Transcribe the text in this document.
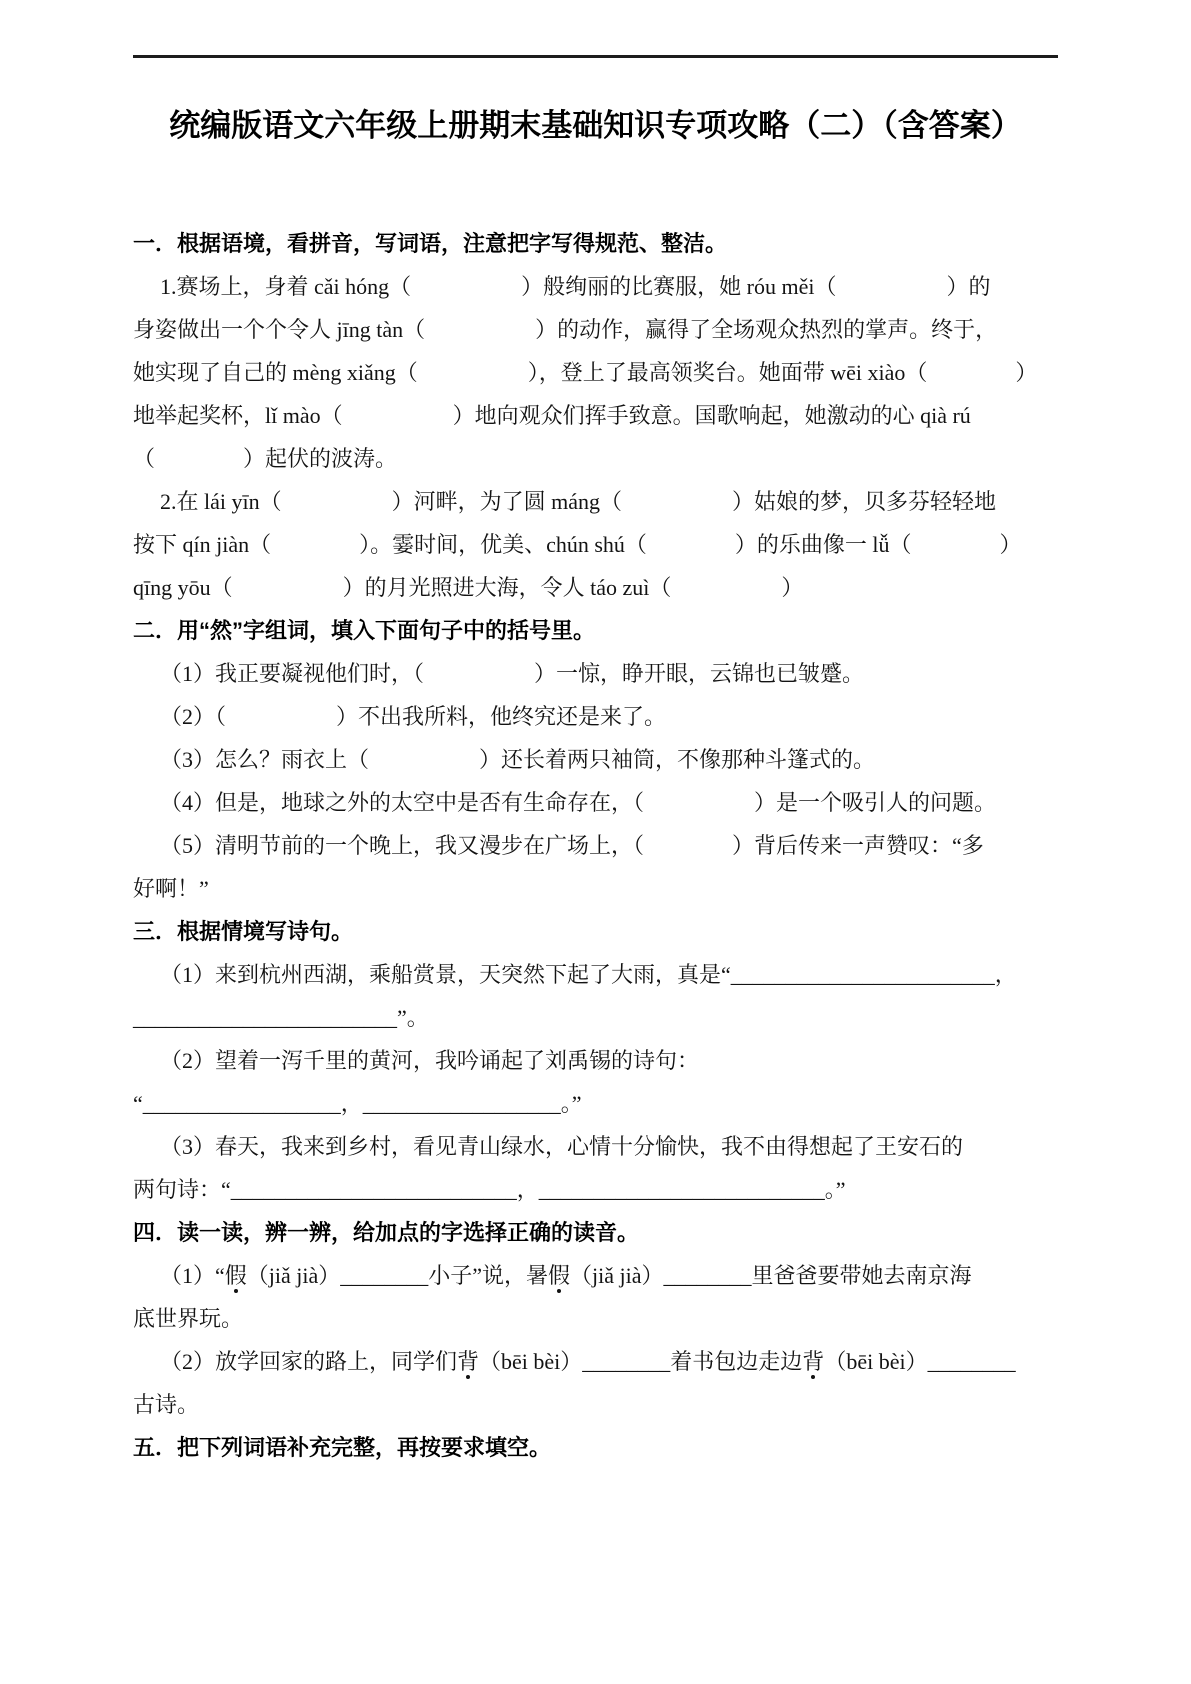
统编版语文六年级上册期末基础知识专项攻略（二）（含答案）
一．根据语境，看拼音，写词语，注意把字写得规范、整洁。
1.赛场上，身着 cǎi hóng（　　　　　）般绚丽的比赛服，她 róu měi（　　　　　）的
身姿做出一个个令人 jīng tàn（　　　　　）的动作，赢得了全场观众热烈的掌声。终于，
她实现了自己的 mèng xiǎng（　　　　　），登上了最高领奖台。她面带 wēi xiào（　　　　）
地举起奖杯，lǐ mào（　　　　　）地向观众们挥手致意。国歌响起，她激动的心 qià rú
（　　　　）起伏的波涛。
2.在 lái yīn（　　　　　）河畔，为了圆 máng（　　　　　）姑娘的梦，贝多芬轻轻地
按下 qín jiàn（　　　　）。霎时间，优美、chún shú（　　　　）的乐曲像一 lǚ（　　　　）
qīng yōu（　　　　　）的月光照进大海，令人 táo zuì（　　　　　）
二．用“然”字组词，填入下面句子中的括号里。
（1）我正要凝视他们时，（　　　　　）一惊，睁开眼，云锦也已皱蹙。
（2）（　　　　　）不出我所料，他终究还是来了。
（3）怎么？雨衣上（　　　　　）还长着两只袖筒，不像那种斗篷式的。
（4）但是，地球之外的太空中是否有生命存在，（　　　　　）是一个吸引人的问题。
（5）清明节前的一个晚上，我又漫步在广场上，（　　　　）背后传来一声赞叹：“多
好啊！”
三．根据情境写诗句。
（1）来到杭州西湖，乘船赏景，天突然下起了大雨，真是“________________________，
________________________”。
（2）望着一泻千里的黄河，我吟诵起了刘禹锡的诗句：
“__________________，__________________。”
（3）春天，我来到乡村，看见青山绿水，心情十分愉快，我不由得想起了王安石的
两句诗：“__________________________，__________________________。”
四．读一读，辨一辨，给加点的字选择正确的读音。
（1）“假（jiǎ jià）________小子”说，暑假（jiǎ jià）________里爸爸要带她去南京海
底世界玩。
（2）放学回家的路上，同学们背（bēi bèi）________着书包边走边背（bēi bèi）________
古诗。
五．把下列词语补充完整，再按要求填空。
